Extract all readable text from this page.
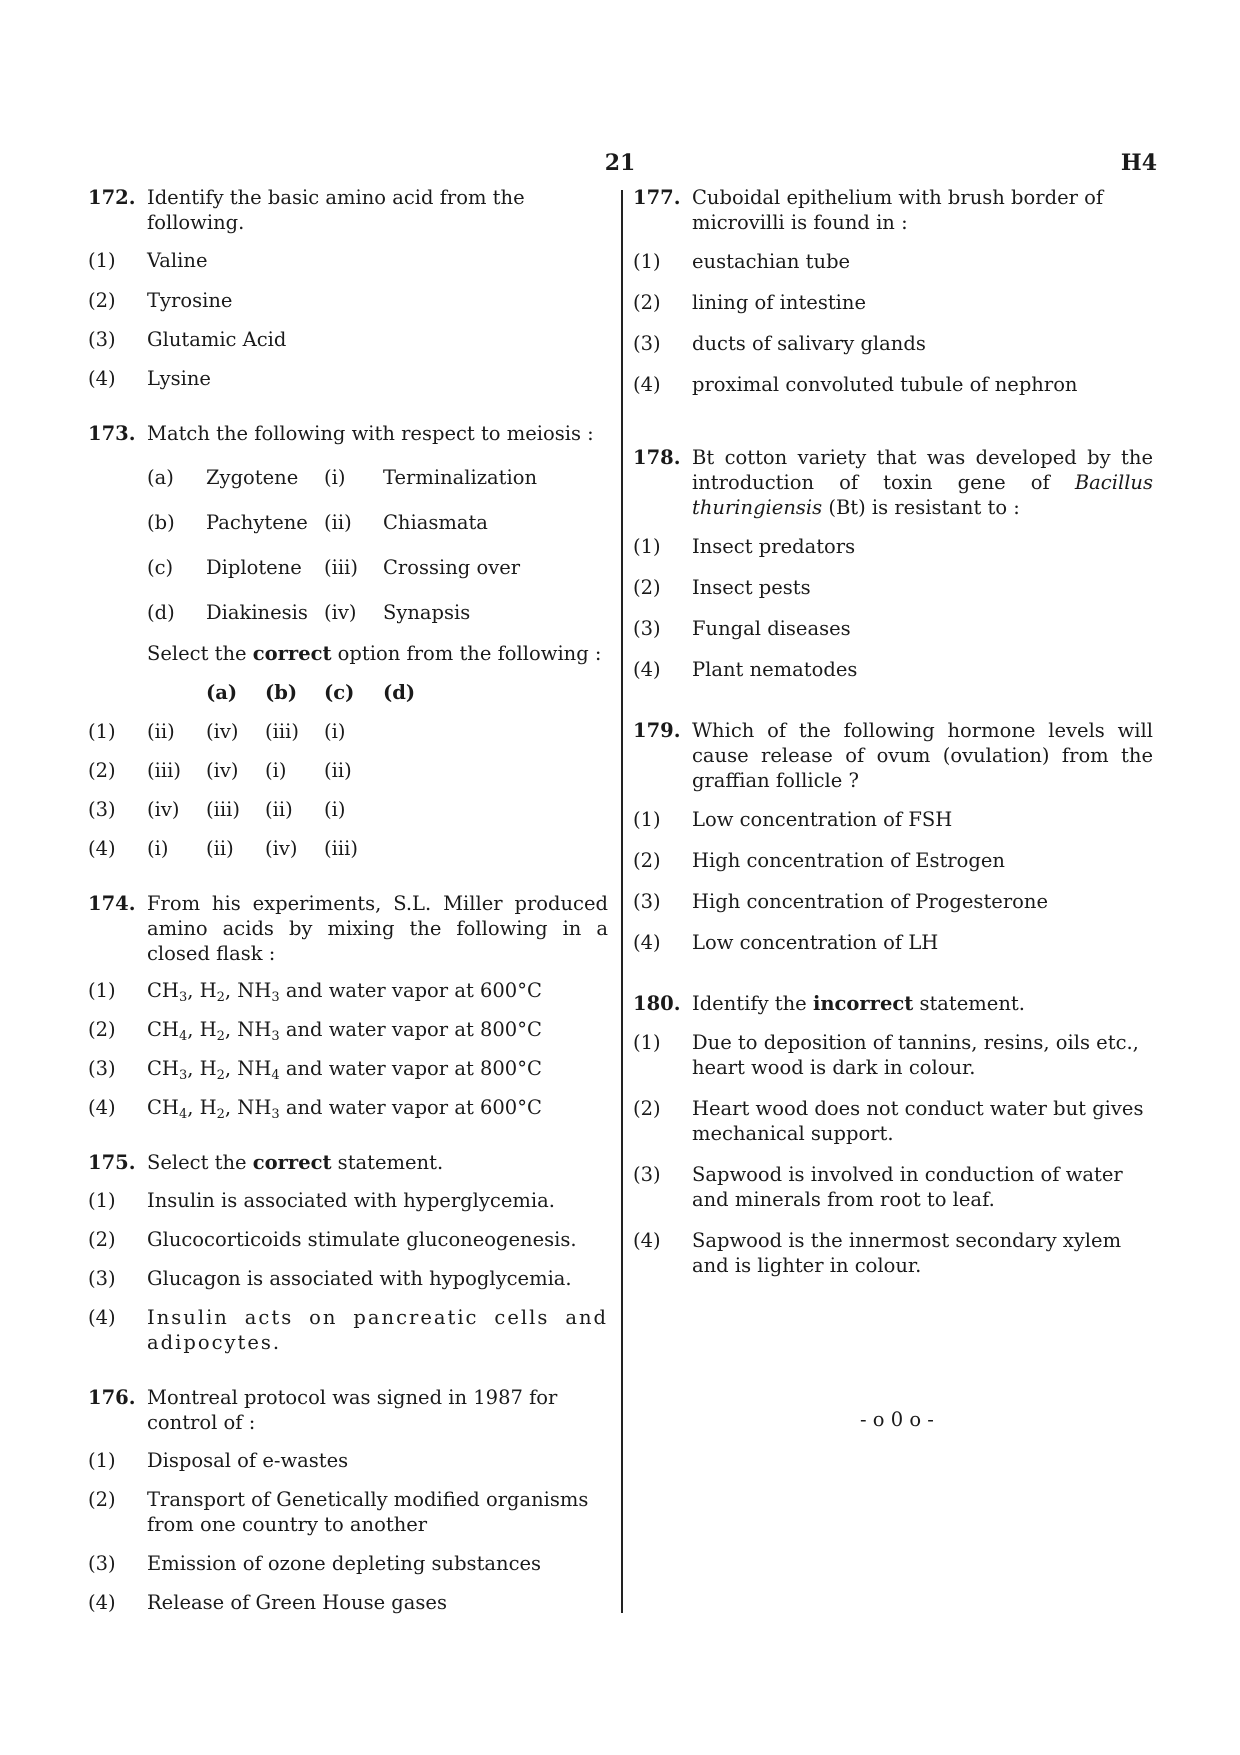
21	H4
172. Identify the basic amino acid from the following.
(1) Valine
(2) Tyrosine
(3) Glutamic Acid
(4) Lysine
173. Match the following with respect to meiosis :
(a)	Zygotene	(i)	Terminalization
(b)	Pachytene (ii)	Chiasmata
(c)	Diplotene	(iii)	Crossing over
(d)	Diakinesis (iv)	Synapsis
Select the correct option from the following :
(a)	(b)	(c)	(d)
(1)	(ii)	(iv)	(iii)	(i)
(2)	(iii)	(iv)	(i)	(ii)
(3)	(iv)	(iii)	(ii)	(i)
(4)	(i)	(ii)	(iv)	(iii)
174. From his experiments, S.L. Miller produced amino acids by mixing the following in a closed flask :
(1) $CH_3$, $H_2$, $NH_3$ and water vapor at 600°C
(2) $CH_4$, $H_2$, $NH_3$ and water vapor at 800°C
(3) $CH_3$, $H_2$, $NH_4$ and water vapor at 800°C
(4) $CH_4$, $H_2$, $NH_3$ and water vapor at 600°C
175. Select the correct statement.
(1) Insulin is associated with hyperglycemia.
(2) Glucocorticoids stimulate gluconeogenesis.
(3) Glucagon is associated with hypoglycemia.
(4) Insulin acts on pancreatic cells and adipocytes.
176. Montreal protocol was signed in 1987 for control of :
(1) Disposal of e-wastes
(2) Transport of Genetically modified organisms from one country to another
(3) Emission of ozone depleting substances
(4) Release of Green House gases
177. Cuboidal epithelium with brush border of microvilli is found in :
(1) eustachian tube
(2) lining of intestine
(3) ducts of salivary glands
(4) proximal convoluted tubule of nephron
178. Bt cotton variety that was developed by the introduction of toxin gene of Bacillus thuringiensis (Bt) is resistant to :
(1) Insect predators
(2) Insect pests
(3) Fungal diseases
(4) Plant nematodes
179. Which of the following hormone levels will cause release of ovum (ovulation) from the graffian follicle ?
(1) Low concentration of FSH
(2) High concentration of Estrogen
(3) High concentration of Progesterone
(4) Low concentration of LH
180. Identify the incorrect statement.
(1) Due to deposition of tannins, resins, oils etc., heart wood is dark in colour.
(2) Heart wood does not conduct water but gives mechanical support.
(3) Sapwood is involved in conduction of water and minerals from root to leaf.
(4) Sapwood is the innermost secondary xylem and is lighter in colour.
- o 0 o -
